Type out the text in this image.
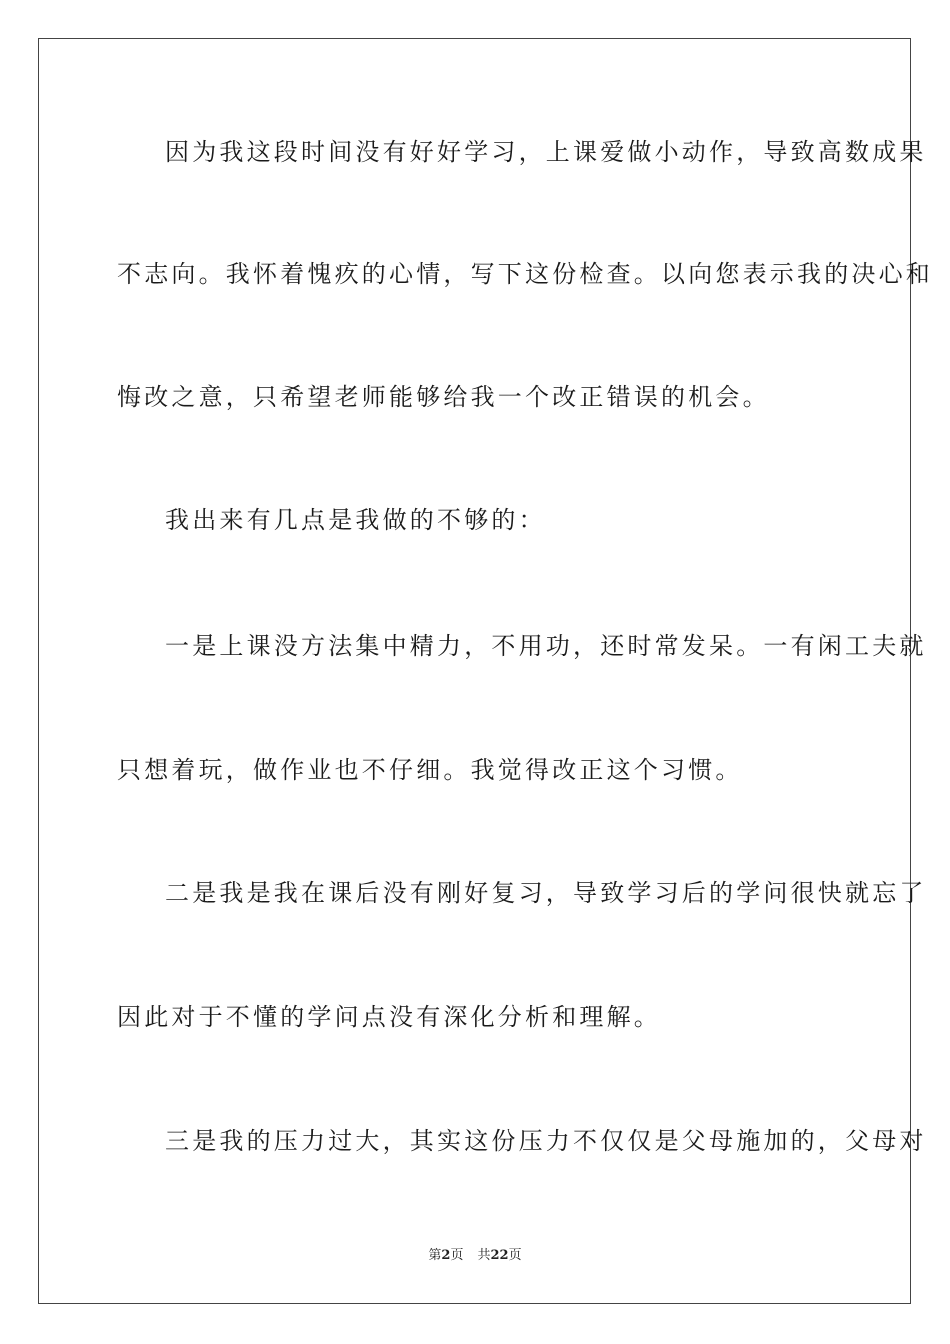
因为我这段时间没有好好学习，上课爱做小动作，导致高数成果
不志向。我怀着愧疚的心情，写下这份检查。以向您表示我的决心和
悔改之意，只希望老师能够给我一个改正错误的机会。
我出来有几点是我做的不够的：
一是上课没方法集中精力，不用功，还时常发呆。一有闲工夫就
只想着玩，做作业也不仔细。我觉得改正这个习惯。
二是我是我在课后没有刚好复习，导致学习后的学问很快就忘了
因此对于不懂的学问点没有深化分析和理解。
三是我的压力过大，其实这份压力不仅仅是父母施加的，父母对
第2页 共22页
